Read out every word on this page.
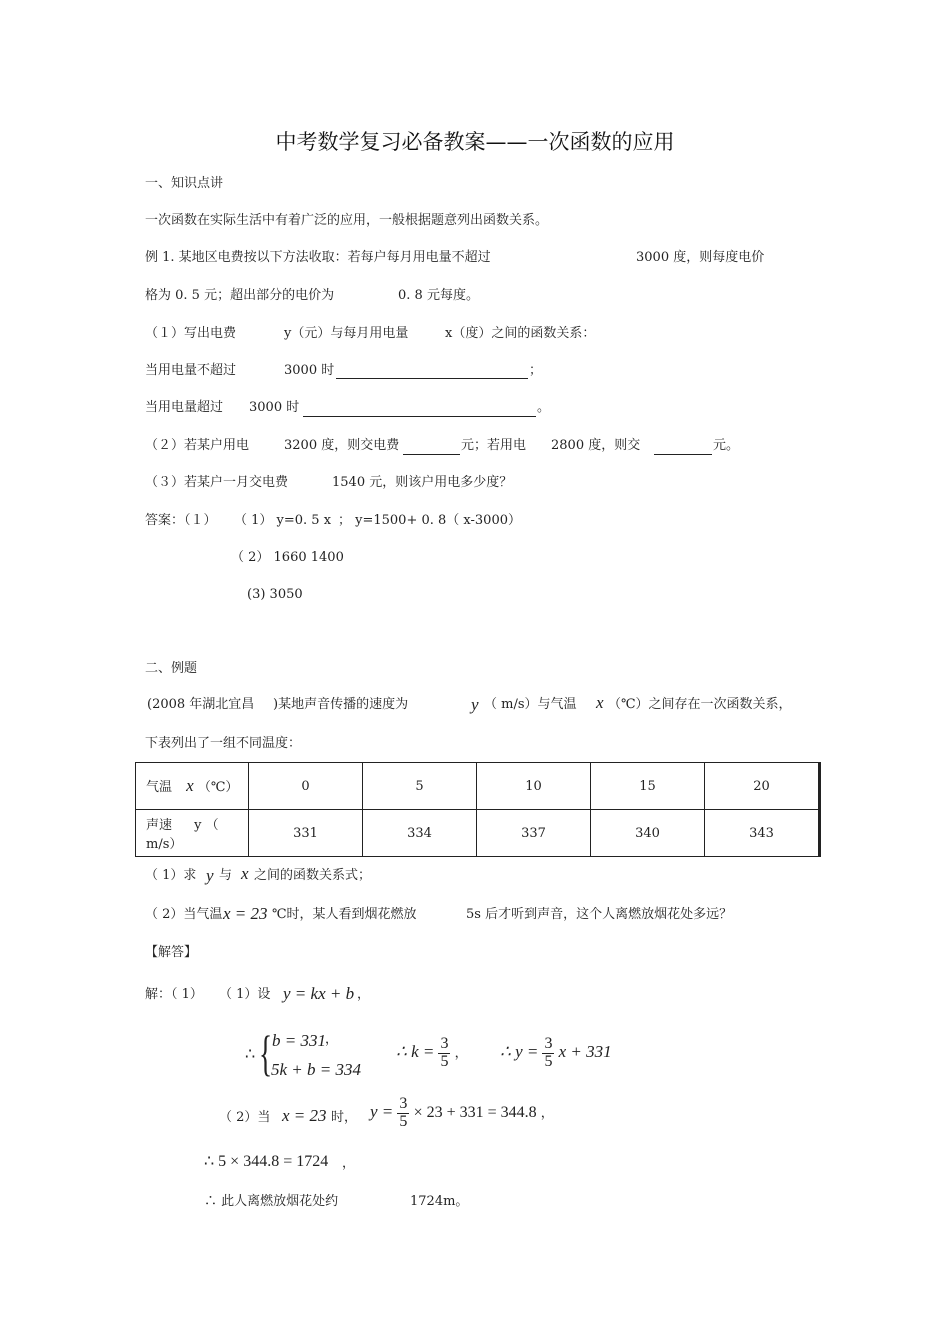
中考数学复习必备教案——一次函数的应用
一、知识点讲
一次函数在实际生活中有着广泛的应用，一般根据题意列出函数关系。
例 1. 某地区电费按以下方法收取：若每户每月用电量不超过	3000 度，则每度电价
格为 0. 5 元；超出部分的电价为	0. 8 元每度。
（１）写出电费	y（元）与每月用电量	x（度）之间的函数关系：
当用电量不超过	3000 时	；
当用电量超过 3000 时	。
（２）若某户用电	3200 度，则交电费	元；若用电 2800 度，则交	元。
（３）若某户一月交电费	1540 元，则该户用电多少度？
答案：（１） （ 1） y=0. 5 x ； y=1500+ 0. 8（ x-3000）
（ 2） 1660 1400
(3) 3050
二、例题
(2008 年湖北宜昌 )某地声音传播的速度为	y （ m/s）与气温 x （℃）之间存在一次函数关系，
下表列出了一组不同温度：
气温 x （℃）	0	5	10	15	20
声速 y （ m/s）	331	334	337	340	343
（ 1）求 y 与 x 之间的函数关系式；
（ 2）当气温 x = 23 ℃时，某人看到烟花燃放	5s 后才听到声音，这个人离燃放烟花处多远？
【解答】
解：（ 1） （ 1）设 y = kx + b ，
∴ { b = 331 ，
5k + b = 334
∴ $k = \frac{3}{5}$ ， ∴ $y = \frac{3}{5}$ x + 331
（ 2）当 x = 23 时， $y = \frac{3}{5} \times 23 + 331 = 344.8$ ，
∴ 5 × 344.8 = 1724 ，
∴ 此人离燃放烟花处约	1724m。
